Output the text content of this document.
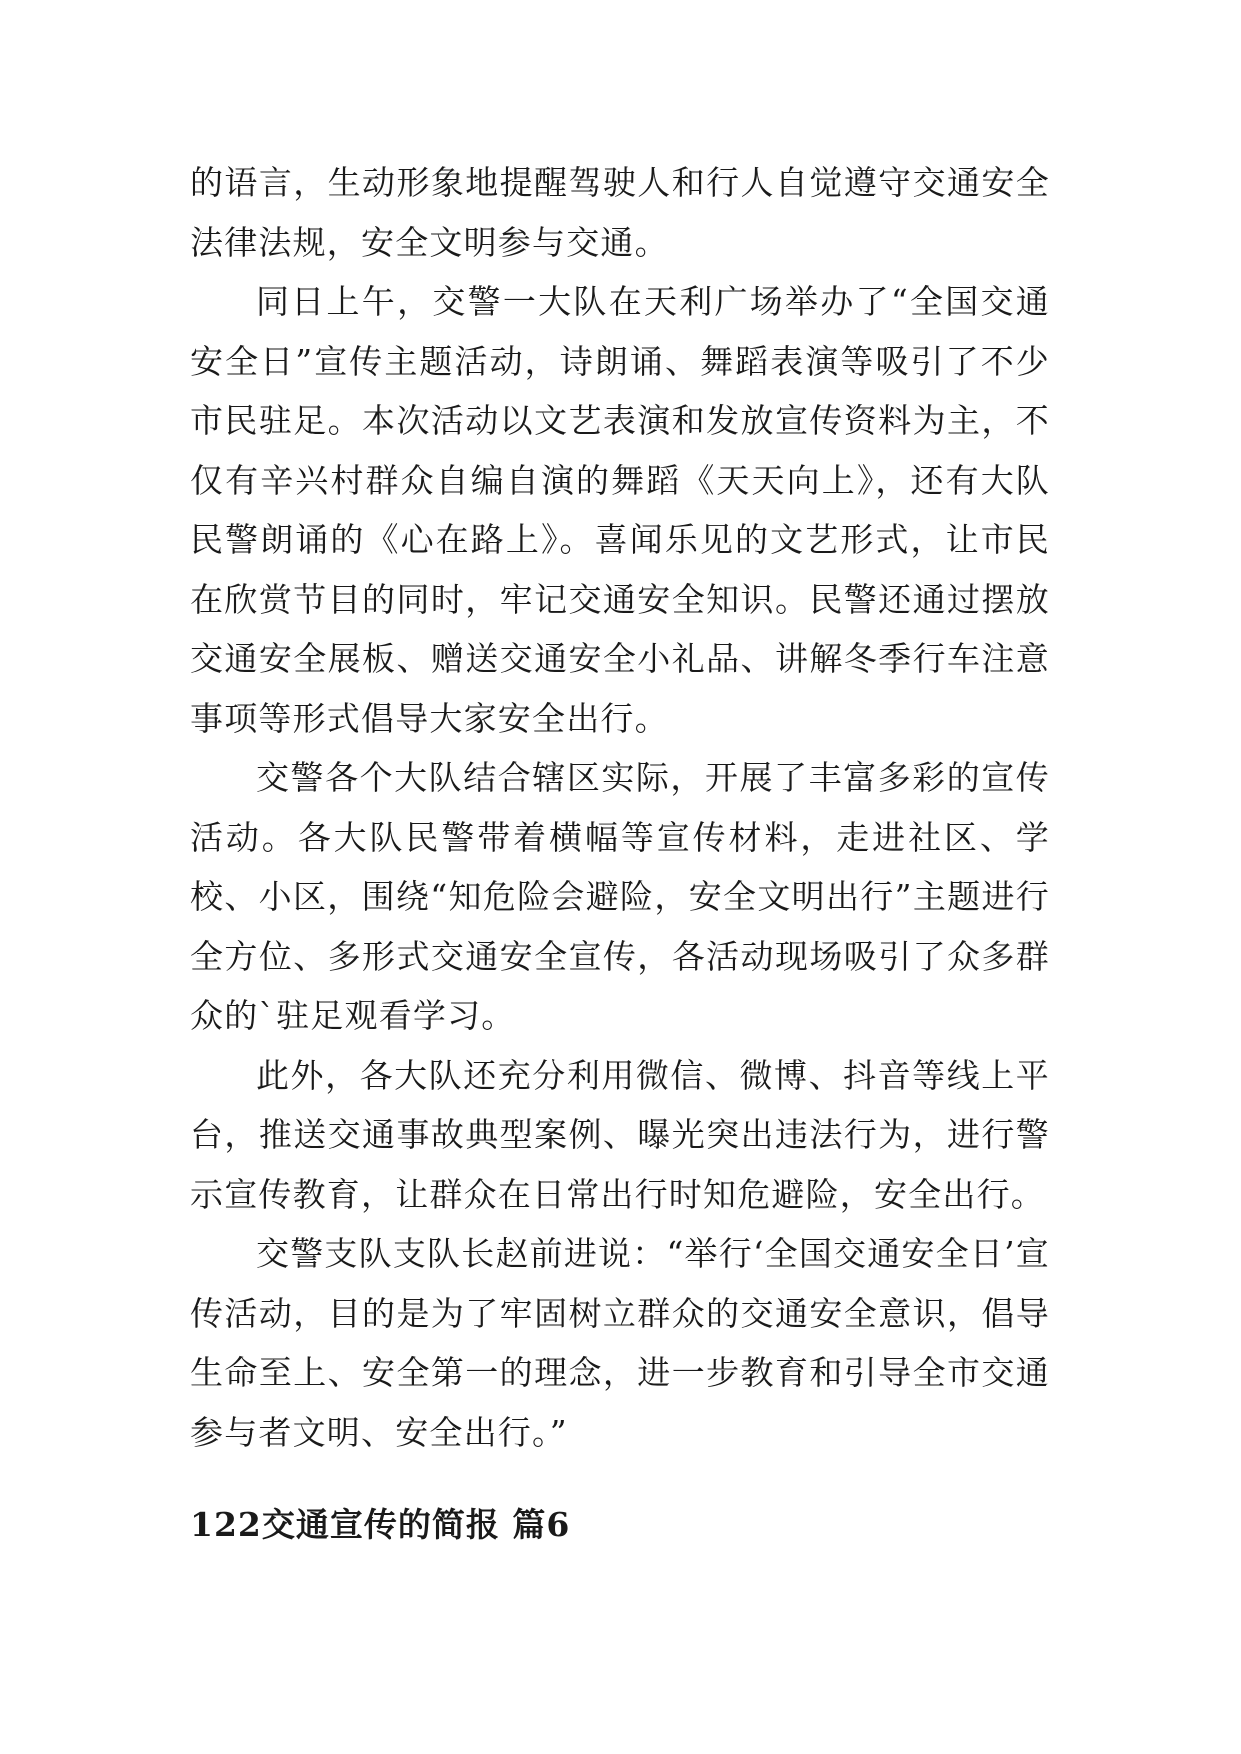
的语言，生动形象地提醒驾驶人和行人自觉遵守交通安全法律法规，安全文明参与交通。

同日上午，交警一大队在天利广场举办了“全国交通安全日”宣传主题活动，诗朗诵、舞蹈表演等吸引了不少市民驻足。本次活动以文艺表演和发放宣传资料为主，不仅有辛兴村群众自编自演的舞蹈《天天向上》，还有大队民警朗诵的《心在路上》。喜闻乐见的文艺形式，让市民在欣赏节目的同时，牢记交通安全知识。民警还通过摆放交通安全展板、赠送交通安全小礼品、讲解冬季行车注意事项等形式倡导大家安全出行。

交警各个大队结合辖区实际，开展了丰富多彩的宣传活动。各大队民警带着横幅等宣传材料，走进社区、学校、小区，围绕“知危险会避险，安全文明出行”主题进行全方位、多形式交通安全宣传，各活动现场吸引了众多群众的`驻足观看学习。

此外，各大队还充分利用微信、微博、抖音等线上平台，推送交通事故典型案例、曝光突出违法行为，进行警示宣传教育，让群众在日常出行时知危避险，安全出行。

交警支队支队长赵前进说：“举行‘全国交通安全日’宣传活动，目的是为了牢固树立群众的交通安全意识，倡导生命至上、安全第一的理念，进一步教育和引导全市交通参与者文明、安全出行。”

122交通宣传的简报 篇6
